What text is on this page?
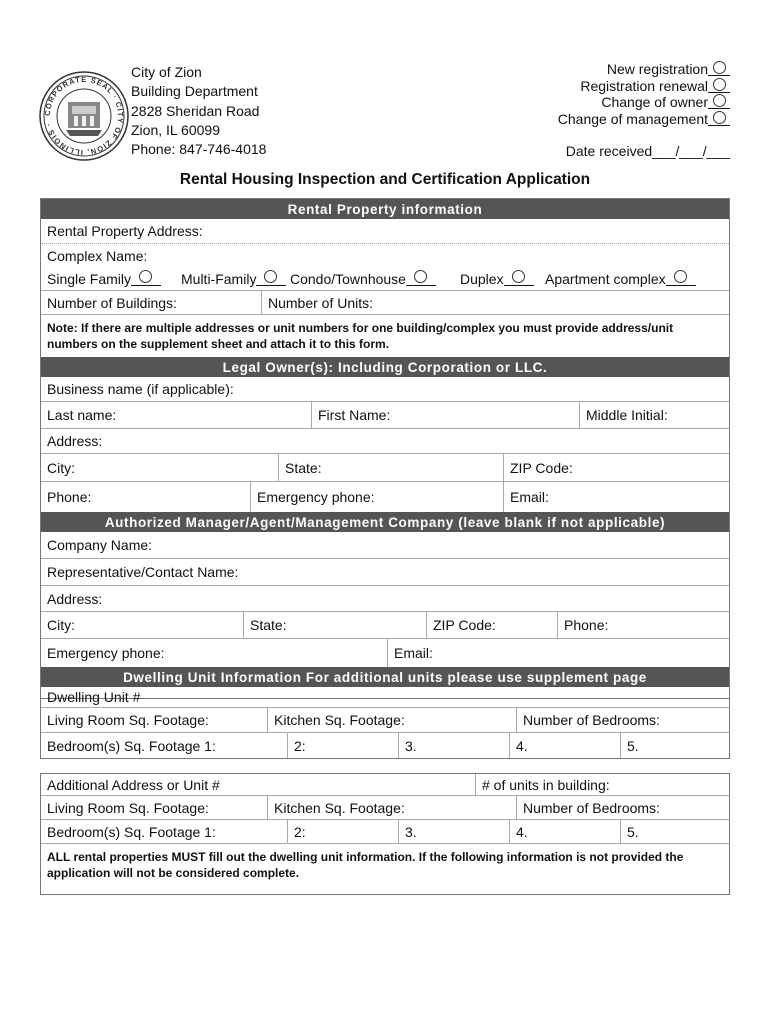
CORPORATE SEAL · CITY OF ZION, ILLINOIS ·
City of Zion
Building Department
2828 Sheridan Road
Zion, IL 60099
Phone: 847-746-4018
New registration
Registration renewal
Change of owner
Change of management
Date received___/___/___
Rental Housing Inspection and Certification Application
Rental Property information
Rental Property Address:
Complex Name:
Single Family	Multi-Family Condo/Townhouse	Duplex	Apartment complex
Number of Buildings:	Number of Units:
Note: If there are multiple addresses or unit numbers for one building/complex you must provide address/unit numbers on the supplement sheet and attach it to this form.
Legal Owner(s): Including Corporation or LLC.
Business name (if applicable):
Last name:	First Name:	Middle Initial:
Address:
City:	State:	ZIP Code:
Phone:	Emergency phone:	Email:
Authorized Manager/Agent/Management Company (leave blank if not applicable)
Company Name:
Representative/Contact Name:
Address:
City:	State:	ZIP Code:	Phone:
Emergency phone:	Email:
Dwelling Unit Information For additional units please use supplement page
Dwelling Unit #
Living Room Sq. Footage:	Kitchen Sq. Footage:	Number of Bedrooms:
Bedroom(s) Sq. Footage 1:	2:	3.	4.	5.
Additional Address or Unit #	# of units in building:
Living Room Sq. Footage:	Kitchen Sq. Footage:	Number of Bedrooms:
Bedroom(s) Sq. Footage 1:	2:	3.	4.	5.
ALL rental properties MUST fill out the dwelling unit information. If the following information is not provided the application will not be considered complete.
